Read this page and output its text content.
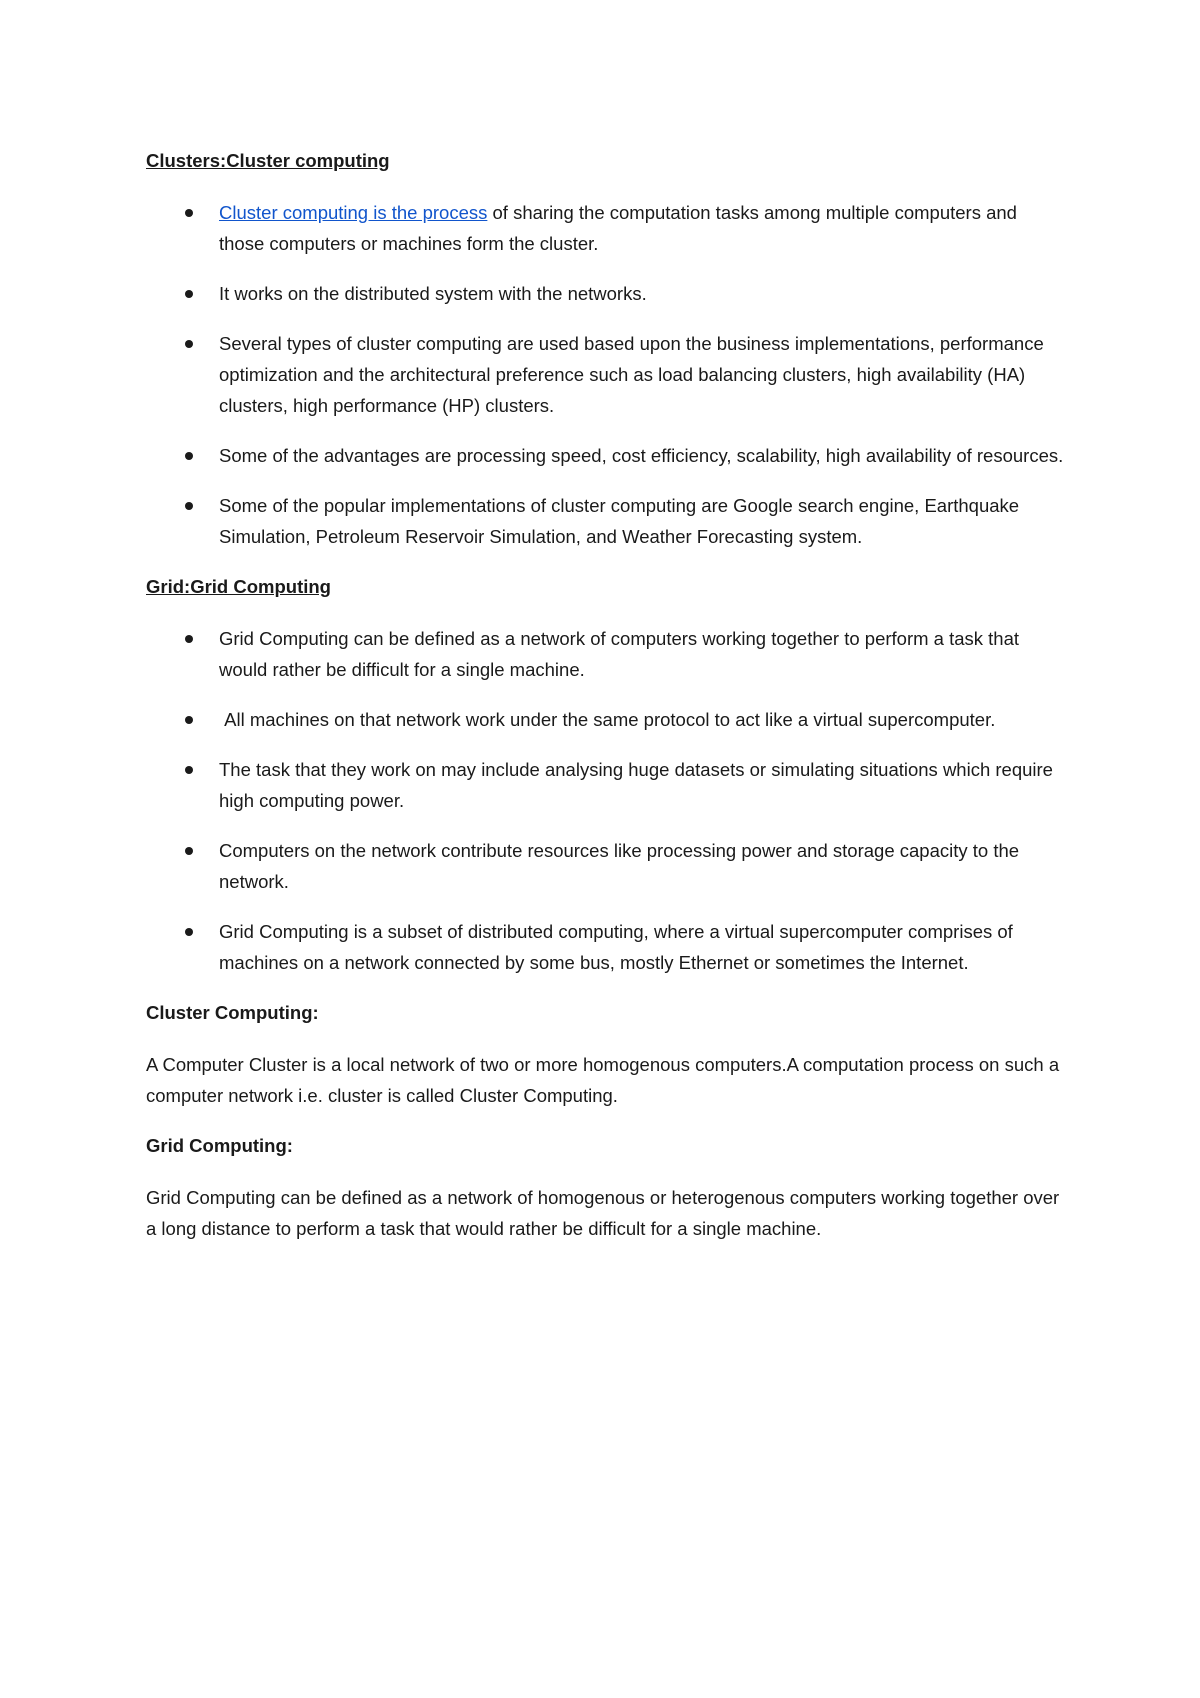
Clusters:Cluster computing
Cluster computing is the process of sharing the computation tasks among multiple computers and those computers or machines form the cluster.
It works on the distributed system with the networks.
Several types of cluster computing are used based upon the business implementations, performance optimization and the architectural preference such as load balancing clusters, high availability (HA) clusters, high performance (HP) clusters.
Some of the advantages are processing speed, cost efficiency, scalability, high availability of resources.
Some of the popular implementations of cluster computing are Google search engine, Earthquake Simulation, Petroleum Reservoir Simulation, and Weather Forecasting system.
Grid:Grid Computing
Grid Computing can be defined as a network of computers working together to perform a task that would rather be difficult for a single machine.
All machines on that network work under the same protocol to act like a virtual supercomputer.
The task that they work on may include analysing huge datasets or simulating situations which require high computing power.
Computers on the network contribute resources like processing power and storage capacity to the network.
Grid Computing is a subset of distributed computing, where a virtual supercomputer comprises of machines on a network connected by some bus, mostly Ethernet or sometimes the Internet.
Cluster Computing:

A Computer Cluster is a local network of two or more homogenous computers.A computation process on such a computer network i.e. cluster is called Cluster Computing.

Grid Computing:

Grid Computing can be defined as a network of homogenous or heterogenous computers working together over a long distance to perform a task that would rather be difficult for a single machine.
